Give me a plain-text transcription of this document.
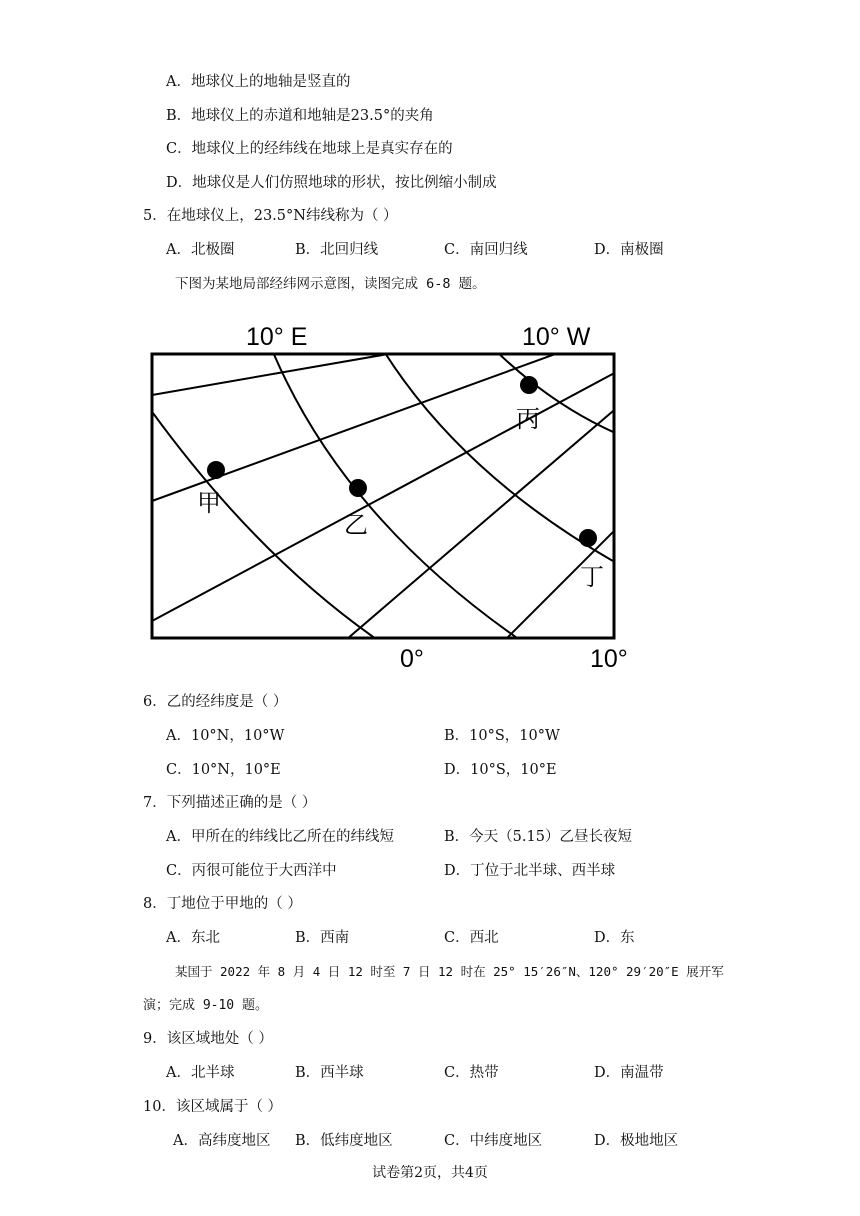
A．地球仪上的地轴是竖直的
B．地球仪上的赤道和地轴是23.5°的夹角
C．地球仪上的经纬线在地球上是真实存在的
D．地球仪是人们仿照地球的形状，按比例缩小制成
5．在地球仪上，23.5°N纬线称为（ ）
A．北极圈	B．北回归线	C．南回归线	D．南极圈
下图为某地局部经纬网示意图，读图完成 6-8 题。
10° E	10° W
0°	10°
甲
乙
丙
丁
6．乙的经纬度是（ ）
A．10°N，10°W	B．10°S，10°W
C．10°N，10°E	D．10°S，10°E
7．下列描述正确的是（ ）
A．甲所在的纬线比乙所在的纬线短	B．今天（5.15）乙昼长夜短
C．丙很可能位于大西洋中	D．丁位于北半球、西半球
8．丁地位于甲地的（ ）
A．东北	B．西南	C．西北	D．东
某国于 2022 年 8 月 4 日 12 时至 7 日 12 时在 25° 15′26″N、120° 29′20″E 展开军
演；完成 9-10 题。
9．该区域地处（ ）
A．北半球	B．西半球	C．热带	D．南温带
10．该区域属于（ ）
A．高纬度地区 B．低纬度地区	C．中纬度地区	D．极地地区
试卷第2页，共4页
